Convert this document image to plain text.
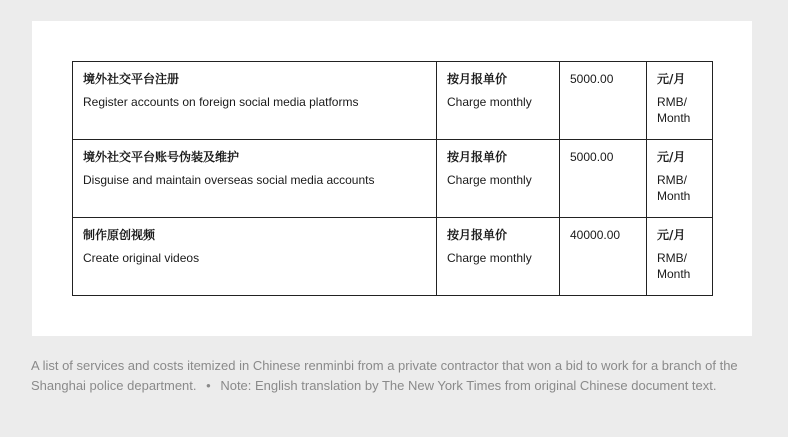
境外社交平台注册
Register accounts on foreign social media platforms	按月报单价
Charge monthly	5000.00	元/月
RMB/ Month

境外社交平台账号伪装及维护
Disguise and maintain overseas social media accounts	按月报单价
Charge monthly	5000.00	元/月
RMB/ Month

制作原创视频
Create original videos	按月报单价
Charge monthly	40000.00	元/月
RMB/ Month
A list of services and costs itemized in Chinese renminbi from a private contractor that won a bid to work for a branch of the Shanghai police department. • Note: English translation by The New York Times from original Chinese document text.
